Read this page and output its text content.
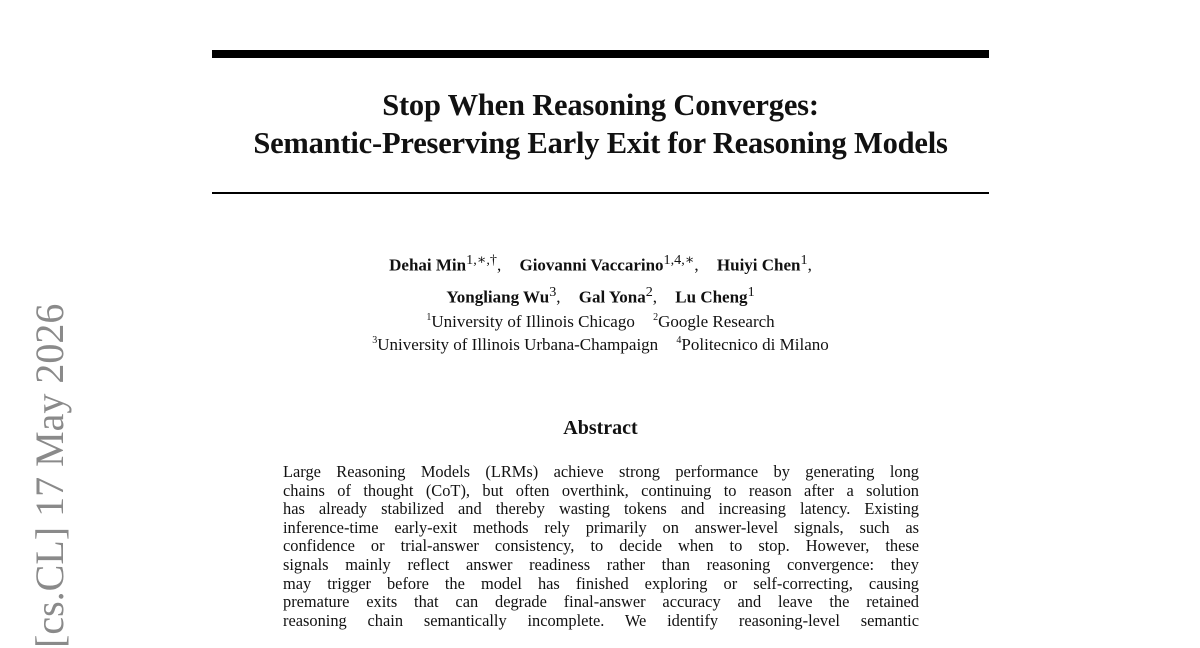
Stop When Reasoning Converges:
Semantic-Preserving Early Exit for Reasoning Models
Dehai Min$^{1,∗,\dagger}$, Giovanni Vaccarino$^{1,4,∗}$, Huiyi Chen$^1$,
Yongliang Wu$^3$, Gal Yona$^2$, Lu Cheng$^1$
$^1$University of Illinois Chicago $^2$Google Research
$^3$University of Illinois Urbana-Champaign $^4$Politecnico di Milano
Abstract
Large Reasoning Models (LRMs) achieve strong performance by generating long
chains of thought (CoT), but often overthink, continuing to reason after a solution
has already stabilized and thereby wasting tokens and increasing latency. Existing
inference-time early-exit methods rely primarily on answer-level signals, such as
confidence or trial-answer consistency, to decide when to stop. However, these
signals mainly reflect answer readiness rather than reasoning convergence: they
may trigger before the model has finished exploring or self-correcting, causing
premature exits that can degrade final-answer accuracy and leave the retained
reasoning chain semantically incomplete. We identify reasoning-level semantic
[cs.CL] 17 May 2026
